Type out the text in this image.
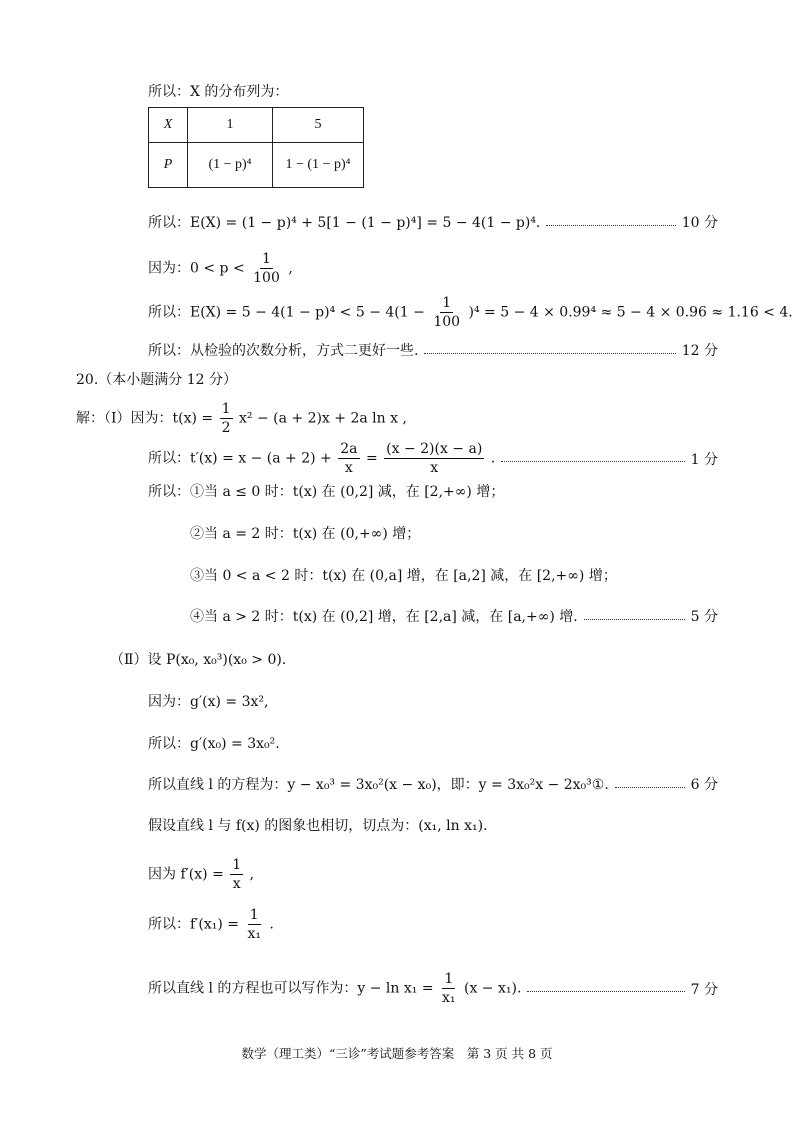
所以：X 的分布列为：
X	1	5
P	(1 − p)⁴	1 − (1 − p)⁴
所以：E(X) = (1 − p)⁴ + 5[1 − (1 − p)⁴] = 5 − 4(1 − p)⁴.	10 分
因为：$0 < p < \frac{1}{100}$ ,
所以：$E(X) = 5 - 4(1 - p)^4 < 5 - 4(1 - \frac{1}{100} )^4 = 5 - 4 \times 0.99^4 \approx 5 - 4 \times 0.96 \approx 1.16 < 4$.
所以：从检验的次数分析，方式二更好一些.	12 分
20.（本小题满分 12 分）
解：（Ⅰ）因为：$t(x) = \frac{1}{2} x^2 - (a + 2)x + 2a$ ln x ,
所以：$t'(x) = x - (a + 2) + \frac{2a}{x} = \frac{(x - 2)(x - a)}{x}$ .	1 分
所以：①当 a ≤ 0 时：t(x) 在 (0,2] 减，在 [2,+∞) 增；
②当 a = 2 时：t(x) 在 (0,+∞) 增；
③当 0 < a < 2 时：t(x) 在 (0,a] 增，在 [a,2] 减，在 [2,+∞) 增；
④当 a > 2 时：t(x) 在 (0,2] 增，在 [2,a] 减，在 [a,+∞) 增.	5 分
（Ⅱ）设 P(x₀, x₀³)(x₀ > 0).
因为：g′(x) = 3x²,
所以：g′(x₀) = 3x₀².
所以直线 l 的方程为：y − x₀³ = 3x₀²(x − x₀)，即：y = 3x₀²x − 2x₀³①.	6 分
假设直线 l 与 f(x) 的图象也相切，切点为：(x₁, ln x₁).
因为 $f'(x) = \frac{1}{x}$ ,
所以：$f'(x_1) = \frac{1}{\text{x₁}}$ .
所以直线 l 的方程也可以写作为：$y - \ln x_1 = \frac{1}{\text{x₁}} (x - x_1)$.	7 分
数学（理工类）“三诊”考试题参考答案　第 3 页 共 8 页
